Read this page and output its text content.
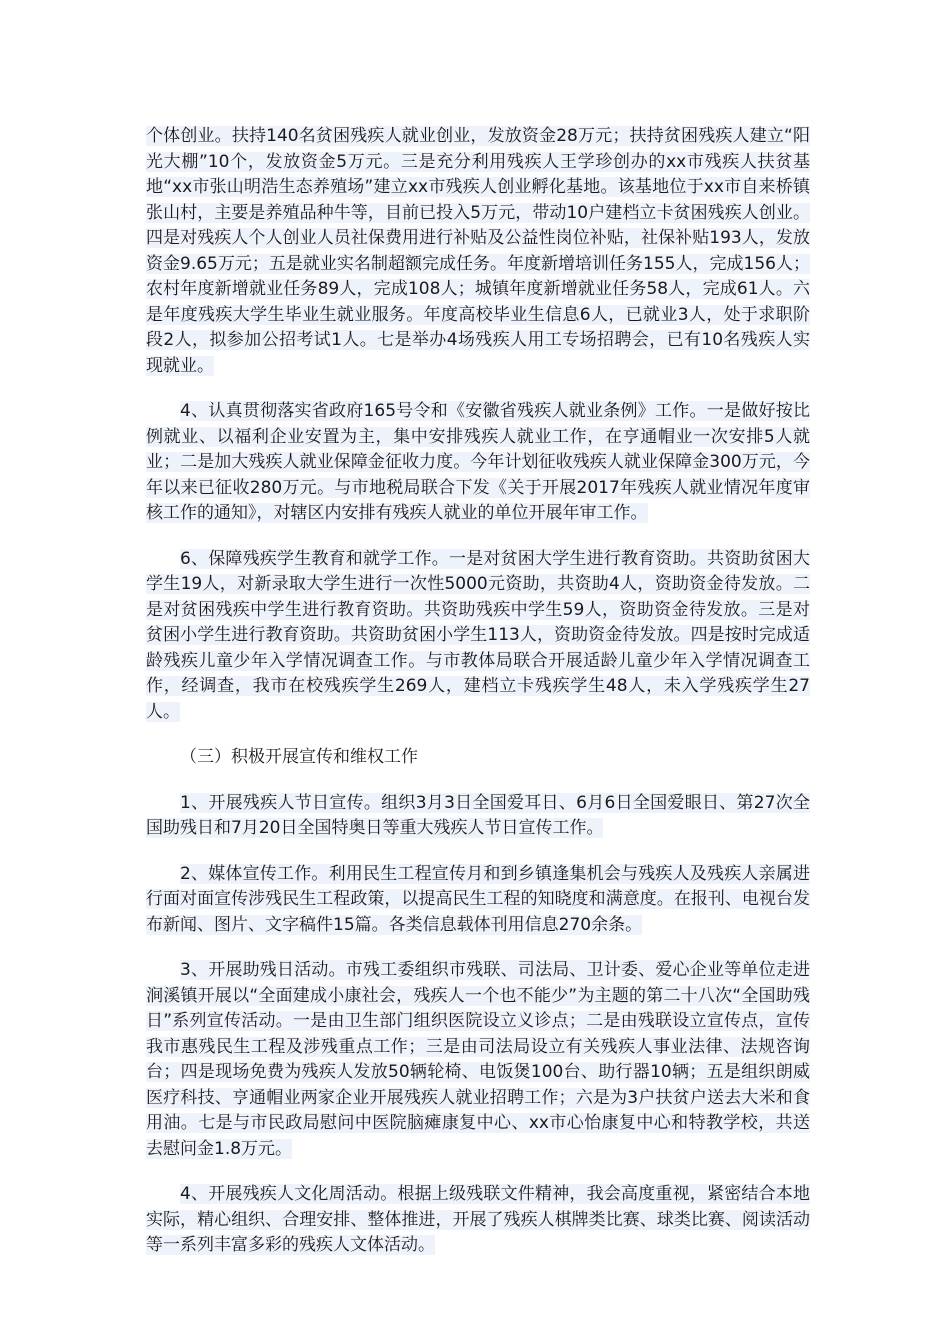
个体创业。扶持140名贫困残疾人就业创业，发放资金28万元；扶持贫困残疾人建立“阳光大棚”10个，发放资金5万元。三是充分利用残疾人王学珍创办的xx市残疾人扶贫基地“xx市张山明浩生态养殖场”建立xx市残疾人创业孵化基地。该基地位于xx市自来桥镇张山村，主要是养殖品种牛等，目前已投入5万元，带动10户建档立卡贫困残疾人创业。四是对残疾人个人创业人员社保费用进行补贴及公益性岗位补贴，社保补贴193人，发放资金9.65万元；五是就业实名制超额完成任务。年度新增培训任务155人，完成156人；农村年度新增就业任务89人，完成108人；城镇年度新增就业任务58人，完成61人。六是年度残疾大学生毕业生就业服务。年度高校毕业生信息6人，已就业3人，处于求职阶段2人，拟参加公招考试1人。七是举办4场残疾人用工专场招聘会，已有10名残疾人实现就业。

4、认真贯彻落实省政府165号令和《安徽省残疾人就业条例》工作。一是做好按比例就业、以福利企业安置为主，集中安排残疾人就业工作，在亨通帽业一次安排5人就业；二是加大残疾人就业保障金征收力度。今年计划征收残疾人就业保障金300万元，今年以来已征收280万元。与市地税局联合下发《关于开展2017年残疾人就业情况年度审核工作的通知》，对辖区内安排有残疾人就业的单位开展年审工作。

6、保障残疾学生教育和就学工作。一是对贫困大学生进行教育资助。共资助贫困大学生19人，对新录取大学生进行一次性5000元资助，共资助4人，资助资金待发放。二是对贫困残疾中学生进行教育资助。共资助残疾中学生59人，资助资金待发放。三是对贫困小学生进行教育资助。共资助贫困小学生113人，资助资金待发放。四是按时完成适龄残疾儿童少年入学情况调查工作。与市教体局联合开展适龄儿童少年入学情况调查工作，经调查，我市在校残疾学生269人，建档立卡残疾学生48人，未入学残疾学生27人。

（三）积极开展宣传和维权工作

1、开展残疾人节日宣传。组织3月3日全国爱耳日、6月6日全国爱眼日、第27次全国助残日和7月20日全国特奥日等重大残疾人节日宣传工作。

2、媒体宣传工作。利用民生工程宣传月和到乡镇逢集机会与残疾人及残疾人亲属进行面对面宣传涉残民生工程政策，以提高民生工程的知晓度和满意度。在报刊、电视台发布新闻、图片、文字稿件15篇。各类信息载体刊用信息270余条。

3、开展助残日活动。市残工委组织市残联、司法局、卫计委、爱心企业等单位走进涧溪镇开展以“全面建成小康社会，残疾人一个也不能少”为主题的第二十八次“全国助残日”系列宣传活动。一是由卫生部门组织医院设立义诊点；二是由残联设立宣传点，宣传我市惠残民生工程及涉残重点工作；三是由司法局设立有关残疾人事业法律、法规咨询台；四是现场免费为残疾人发放50辆轮椅、电饭煲100台、助行器10辆；五是组织朗威医疗科技、亨通帽业两家企业开展残疾人就业招聘工作；六是为3户扶贫户送去大米和食用油。七是与市民政局慰问中医院脑瘫康复中心、xx市心怡康复中心和特教学校，共送去慰问金1.8万元。

4、开展残疾人文化周活动。根据上级残联文件精神，我会高度重视，紧密结合本地实际，精心组织、合理安排、整体推进，开展了残疾人棋牌类比赛、球类比赛、阅读活动等一系列丰富多彩的残疾人文体活动。
